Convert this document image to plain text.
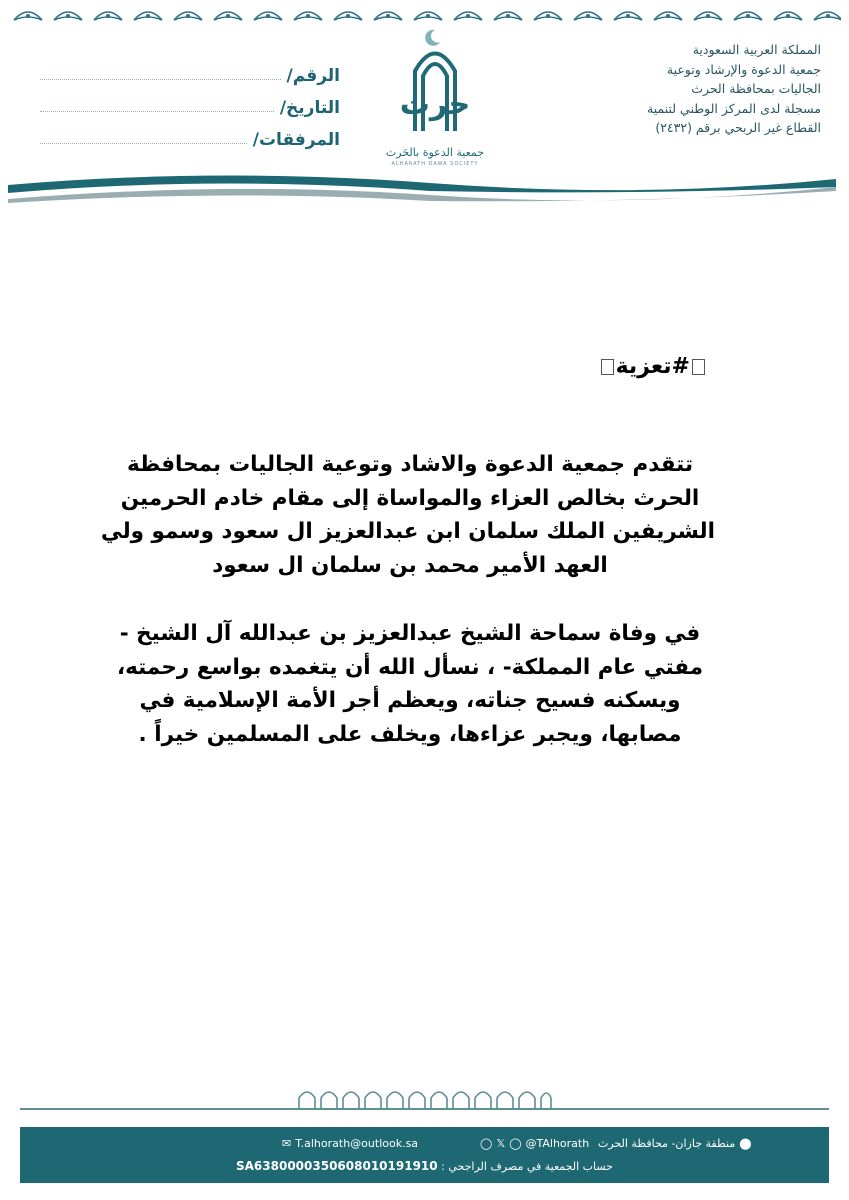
المملكة العربية السعودية
جمعية الدعوة والإرشاد وتوعية
الجاليات بمحافظة الحرث
مسجلة لدى المركز الوطني لتنمية
القطاع غير الربحي برقم (٢٤٣٢)
حرث
جمعية الدعوة بالحَرث
ALHARATH DAWA SOCIETY
الرقم/
التاريخ/
المرفقات/
#تعزية
تتقدم جمعية الدعوة والاشاد وتوعية الجاليات بمحافظة
الحرث بخالص العزاء والمواساة إلى مقام خادم الحرمين
الشريفين الملك سلمان ابن عبدالعزيز ال سعود وسمو ولي
العهد الأمير محمد بن سلمان ال سعود
في وفاة سماحة الشيخ عبدالعزيز بن عبدالله آل الشيخ -
مفتي عام المملكة- ، نسأل الله أن يتغمده بواسع رحمته،
ويسكنه فسيح جناته، ويعظم أجر الأمة الإسلامية في
مصابها، ويجبر عزاءها، ويخلف على المسلمين خيراً .
✉ T.alhorath@outlook.sa	◯ 𝕏 ◯ @TAlhorath	⬤
منطقة جازان- محافظة الحرث
حساب الجمعية في مصرف الراجحي : SA6380000350608010191910
